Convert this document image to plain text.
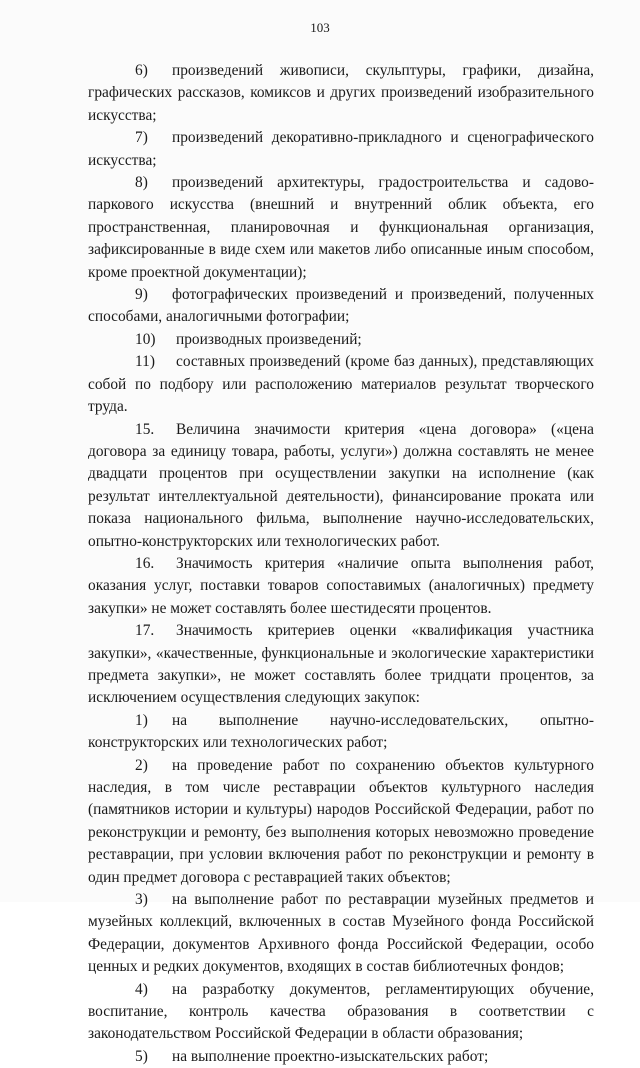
103

6) произведений живописи, скульптуры, графики, дизайна, графических рассказов, комиксов и других произведений изобразительного искусства;

7) произведений декоративно-прикладного и сценографического искусства;

8) произведений архитектуры, градостроительства и садово-паркового искусства (внешний и внутренний облик объекта, его пространственная, планировочная и функциональная организация, зафиксированные в виде схем или макетов либо описанные иным способом, кроме проектной документации);

9) фотографических произведений и произведений, полученных способами, аналогичными фотографии;

10) производных произведений;

11) составных произведений (кроме баз данных), представляющих собой по подбору или расположению материалов результат творческого труда.

15. Величина значимости критерия «цена договора» («цена договора за единицу товара, работы, услуги») должна составлять не менее двадцати процентов при осуществлении закупки на исполнение (как результат интеллектуальной деятельности), финансирование проката или показа национального фильма, выполнение научно-исследовательских, опытно-конструкторских или технологических работ.

16. Значимость критерия «наличие опыта выполнения работ, оказания услуг, поставки товаров сопоставимых (аналогичных) предмету закупки» не может составлять более шестидесяти процентов.

17. Значимость критериев оценки «квалификация участника закупки», «качественные, функциональные и экологические характеристики предмета закупки», не может составлять более тридцати процентов, за исключением осуществления следующих закупок:

1) на выполнение научно-исследовательских, опытно-конструкторских или технологических работ;

2) на проведение работ по сохранению объектов культурного наследия, в том числе реставрации объектов культурного наследия (памятников истории и культуры) народов Российской Федерации, работ по реконструкции и ремонту, без выполнения которых невозможно проведение реставрации, при условии включения работ по реконструкции и ремонту в один предмет договора с реставрацией таких объектов;

3) на выполнение работ по реставрации музейных предметов и музейных коллекций, включенных в состав Музейного фонда Российской Федерации, документов Архивного фонда Российской Федерации, особо ценных и редких документов, входящих в состав библиотечных фондов;

4) на разработку документов, регламентирующих обучение, воспитание, контроль качества образования в соответствии с законодательством Российской Федерации в области образования;

5) на выполнение проектно-изыскательских работ;
